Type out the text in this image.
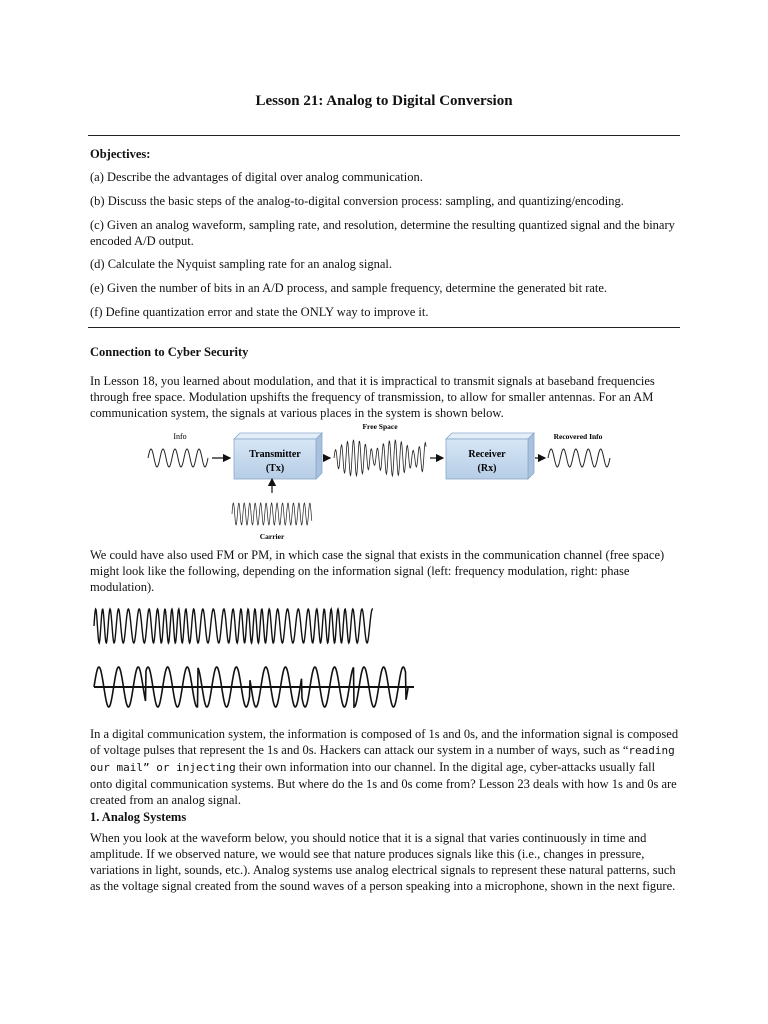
Lesson 21: Analog to Digital Conversion
Objectives:
(a) Describe the advantages of digital over analog communication.
(b) Discuss the basic steps of the analog-to-digital conversion process: sampling, and quantizing/encoding.
(c) Given an analog waveform, sampling rate, and resolution, determine the resulting quantized signal and the binary encoded A/D output.
(d) Calculate the Nyquist sampling rate for an analog signal.
(e) Given the number of bits in an A/D process, and sample frequency, determine the generated bit rate.
(f) Define quantization error and state the ONLY way to improve it.
Connection to Cyber Security
In Lesson 18, you learned about modulation, and that it is impractical to transmit signals at baseband frequencies through free space. Modulation upshifts the frequency of transmission, to allow for smaller antennas. For an AM communication system, the signals at various places in the system is shown below.
Info
Transmitter
(Tx)
Free Space
Receiver
(Rx)
Recovered Info
Carrier
We could have also used FM or PM, in which case the signal that exists in the communication channel (free space) might look like the following, depending on the information signal (left: frequency modulation, right: phase modulation).
In a digital communication system, the information is composed of 1s and 0s, and the information signal is composed of voltage pulses that represent the 1s and 0s. Hackers can attack our system in a number of ways, such as “reading our mail” or injecting their own information into our channel. In the digital age, cyber-attacks usually fall onto digital communication systems. But where do the 1s and 0s come from? Lesson 23 deals with how 1s and 0s are created from an analog signal.
1. Analog Systems
When you look at the waveform below, you should notice that it is a signal that varies continuously in time and amplitude. If we observed nature, we would see that nature produces signals like this (i.e., changes in pressure, variations in light, sounds, etc.). Analog systems use analog electrical signals to represent these natural patterns, such as the voltage signal created from the sound waves of a person speaking into a microphone, shown in the next figure.
